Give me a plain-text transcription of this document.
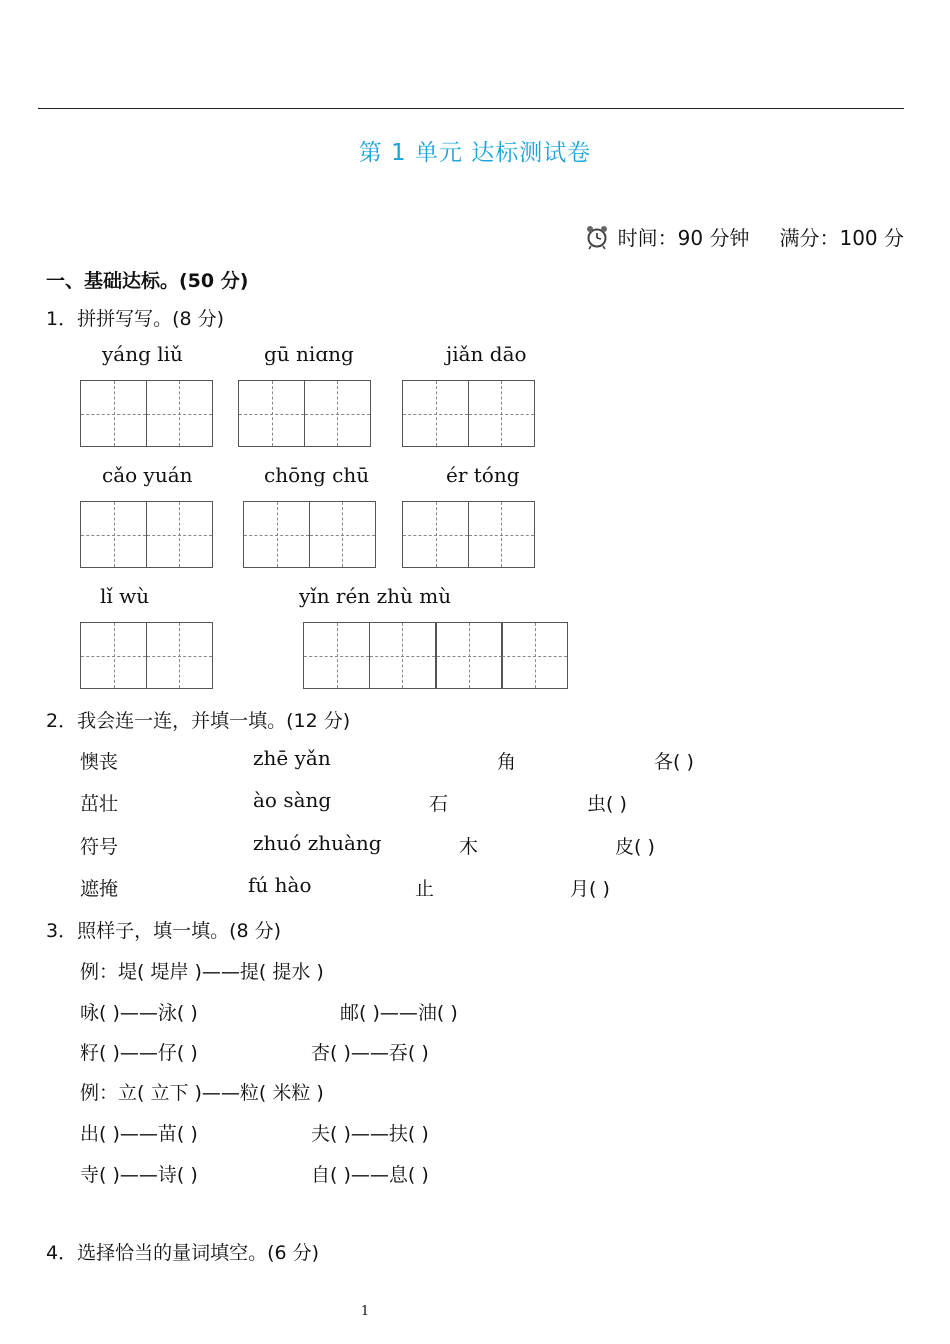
第 1 单元 达标测试卷
时间：90 分钟 满分：100 分
一、基础达标。(50 分)
1．拼拼写写。(8 分)
yáng liǔ	gū niɑng	jiǎn dāo
cǎo yuán	chōng chū	ér tóng
lǐ wù	yǐn rén zhù mù
2．我会连一连，并填一填。(12 分)
懊丧	zhē yǎn	角	各( )
茁壮	ào sàng	石	虫( )
符号	zhuó zhuàng	木	皮( )
遮掩	fú hào	止	月( )
3．照样子，填一填。(8 分)
例：堤( 堤岸 )——提( 提水 )
咏( )——泳( )	邮( )——油( )
籽( )——仔( )	杏( )——吞( )
例：立( 立下 )——粒( 米粒 )
出( )——苗( )	夫( )——扶( )
寺( )——诗( )	自( )——息( )
4．选择恰当的量词填空。(6 分)
1
